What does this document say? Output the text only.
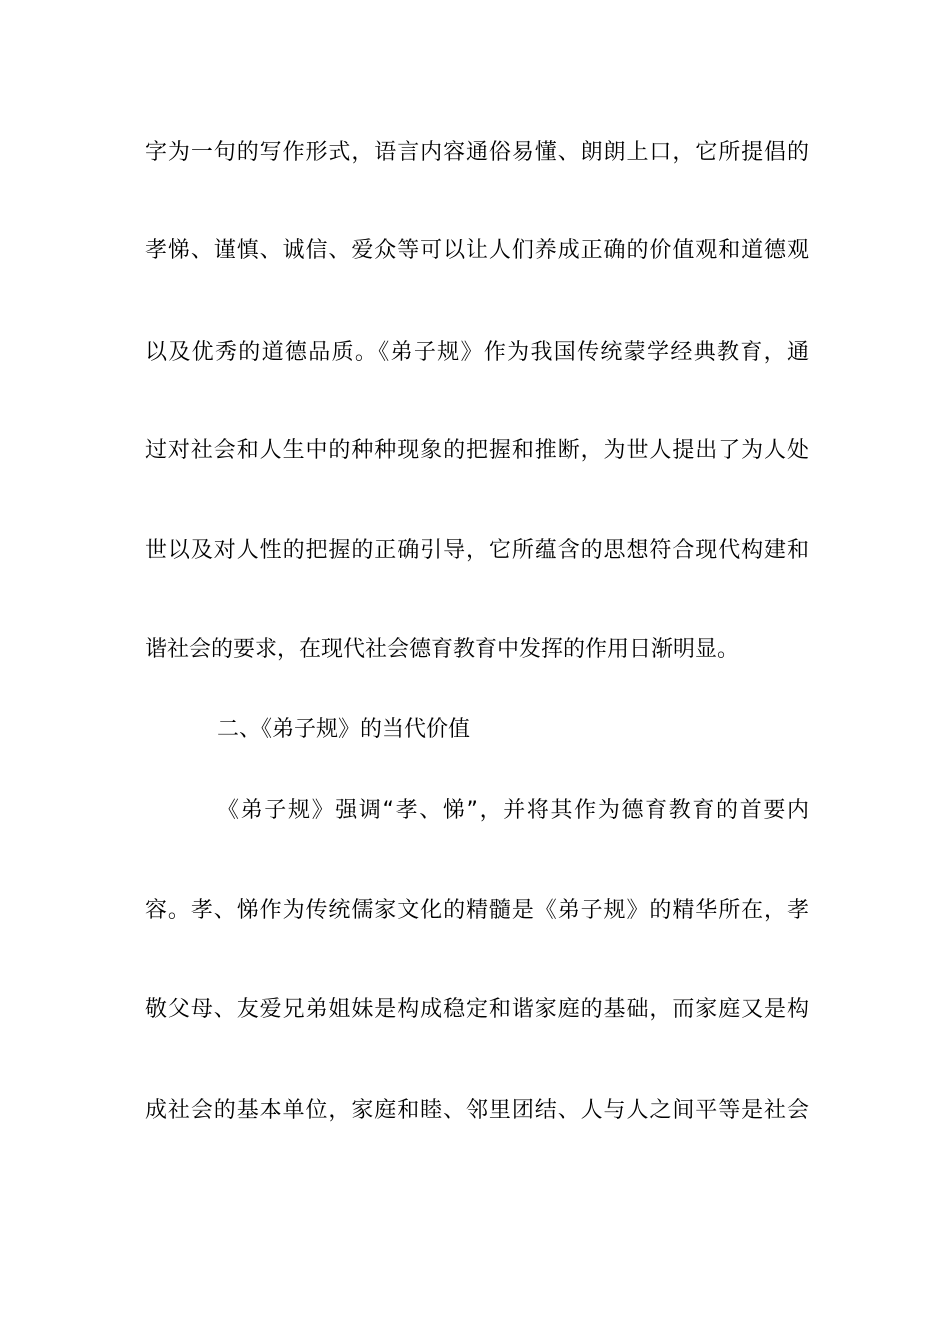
字为一句的写作形式，语言内容通俗易懂、朗朗上口，它所提倡的
孝悌、谨慎、诚信、爱众等可以让人们养成正确的价值观和道德观
以及优秀的道德品质。《弟子规》作为我国传统蒙学经典教育，通
过对社会和人生中的种种现象的把握和推断，为世人提出了为人处
世以及对人性的把握的正确引导，它所蕴含的思想符合现代构建和
谐社会的要求，在现代社会德育教育中发挥的作用日渐明显。
二、《弟子规》的当代价值
《弟子规》强调“孝、悌”，并将其作为德育教育的首要内
容。孝、悌作为传统儒家文化的精髓是《弟子规》的精华所在，孝
敬父母、友爱兄弟姐妹是构成稳定和谐家庭的基础，而家庭又是构
成社会的基本单位，家庭和睦、邻里团结、人与人之间平等是社会
